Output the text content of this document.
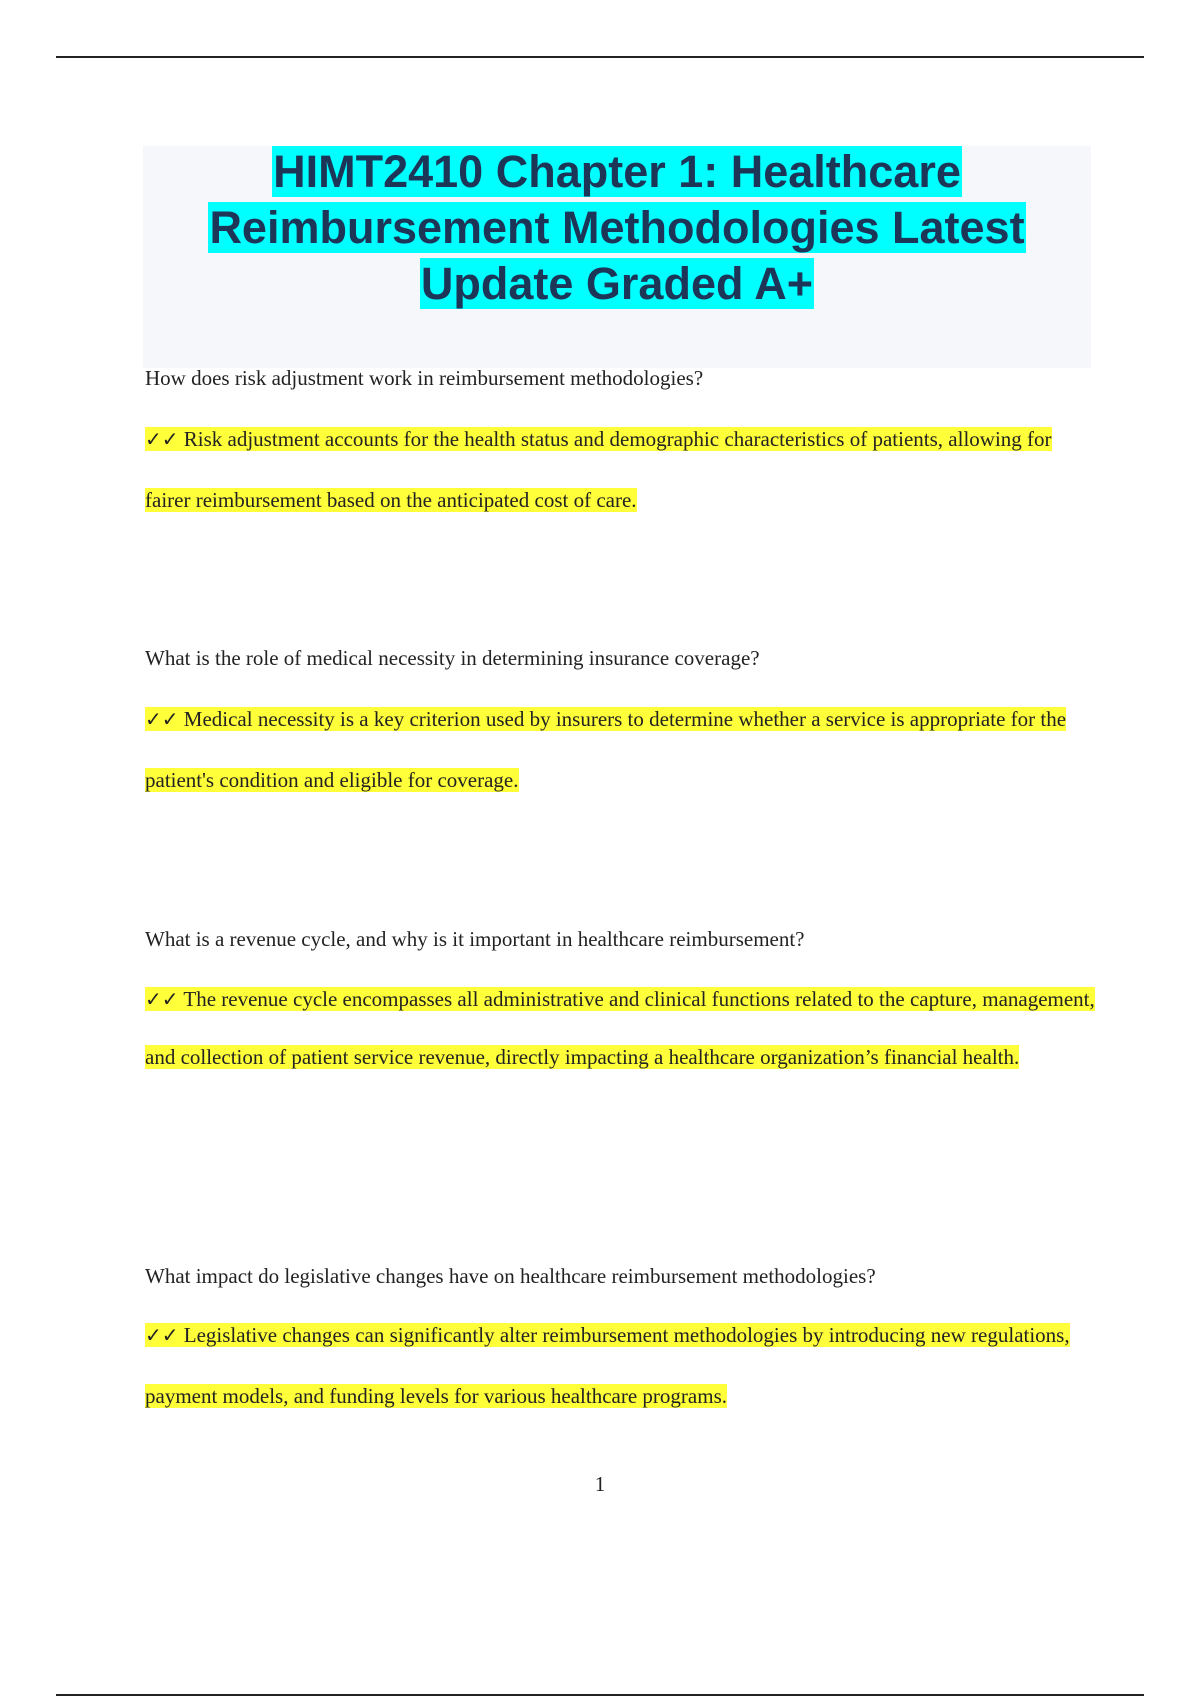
HIMT2410 Chapter 1: Healthcare
Reimbursement Methodologies Latest
Update Graded A+

How does risk adjustment work in reimbursement methodologies?

✓✓ Risk adjustment accounts for the health status and demographic characteristics of patients, allowing for fairer reimbursement based on the anticipated cost of care.

What is the role of medical necessity in determining insurance coverage?

✓✓ Medical necessity is a key criterion used by insurers to determine whether a service is appropriate for the patient's condition and eligible for coverage.

What is a revenue cycle, and why is it important in healthcare reimbursement?

✓✓ The revenue cycle encompasses all administrative and clinical functions related to the capture, management, and collection of patient service revenue, directly impacting a healthcare organization’s financial health.

What impact do legislative changes have on healthcare reimbursement methodologies?

✓✓ Legislative changes can significantly alter reimbursement methodologies by introducing new regulations, payment models, and funding levels for various healthcare programs.

1
